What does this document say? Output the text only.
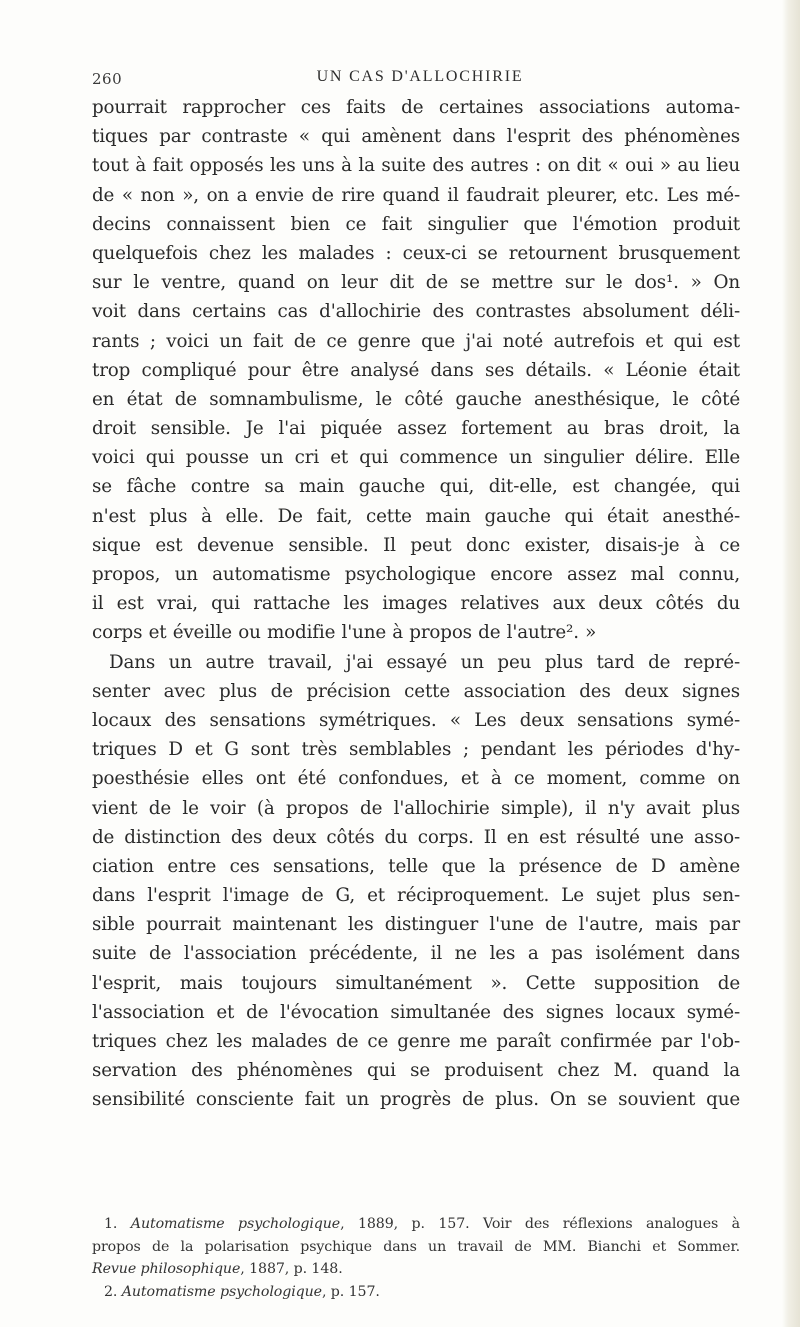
260	UN CAS D'ALLOCHIRIE
pourrait rapprocher ces faits de certaines associations automa-
tiques par contraste « qui amènent dans l'esprit des phénomènes
tout à fait opposés les uns à la suite des autres : on dit « oui » au lieu
de « non », on a envie de rire quand il faudrait pleurer, etc. Les mé-
decins connaissent bien ce fait singulier que l'émotion produit
quelquefois chez les malades : ceux-ci se retournent brusquement
sur le ventre, quand on leur dit de se mettre sur le dos¹. » On
voit dans certains cas d'allochirie des contrastes absolument déli-
rants ; voici un fait de ce genre que j'ai noté autrefois et qui est
trop compliqué pour être analysé dans ses détails. « Léonie était
en état de somnambulisme, le côté gauche anesthésique, le côté
droit sensible. Je l'ai piquée assez fortement au bras droit, la
voici qui pousse un cri et qui commence un singulier délire. Elle
se fâche contre sa main gauche qui, dit-elle, est changée, qui
n'est plus à elle. De fait, cette main gauche qui était anesthé-
sique est devenue sensible. Il peut donc exister, disais-je à ce
propos, un automatisme psychologique encore assez mal connu,
il est vrai, qui rattache les images relatives aux deux côtés du
corps et éveille ou modifie l'une à propos de l'autre². »
Dans un autre travail, j'ai essayé un peu plus tard de repré-
senter avec plus de précision cette association des deux signes
locaux des sensations symétriques. « Les deux sensations symé-
triques D et G sont très semblables ; pendant les périodes d'hy-
poesthésie elles ont été confondues, et à ce moment, comme on
vient de le voir (à propos de l'allochirie simple), il n'y avait plus
de distinction des deux côtés du corps. Il en est résulté une asso-
ciation entre ces sensations, telle que la présence de D amène
dans l'esprit l'image de G, et réciproquement. Le sujet plus sen-
sible pourrait maintenant les distinguer l'une de l'autre, mais par
suite de l'association précédente, il ne les a pas isolément dans
l'esprit, mais toujours simultanément ». Cette supposition de
l'association et de l'évocation simultanée des signes locaux symé-
triques chez les malades de ce genre me paraît confirmée par l'ob-
servation des phénomènes qui se produisent chez M. quand la
sensibilité consciente fait un progrès de plus. On se souvient que
1. Automatisme psychologique, 1889, p. 157. Voir des réflexions analogues à
propos de la polarisation psychique dans un travail de MM. Bianchi et Sommer.
Revue philosophique, 1887, p. 148.
2. Automatisme psychologique, p. 157.
